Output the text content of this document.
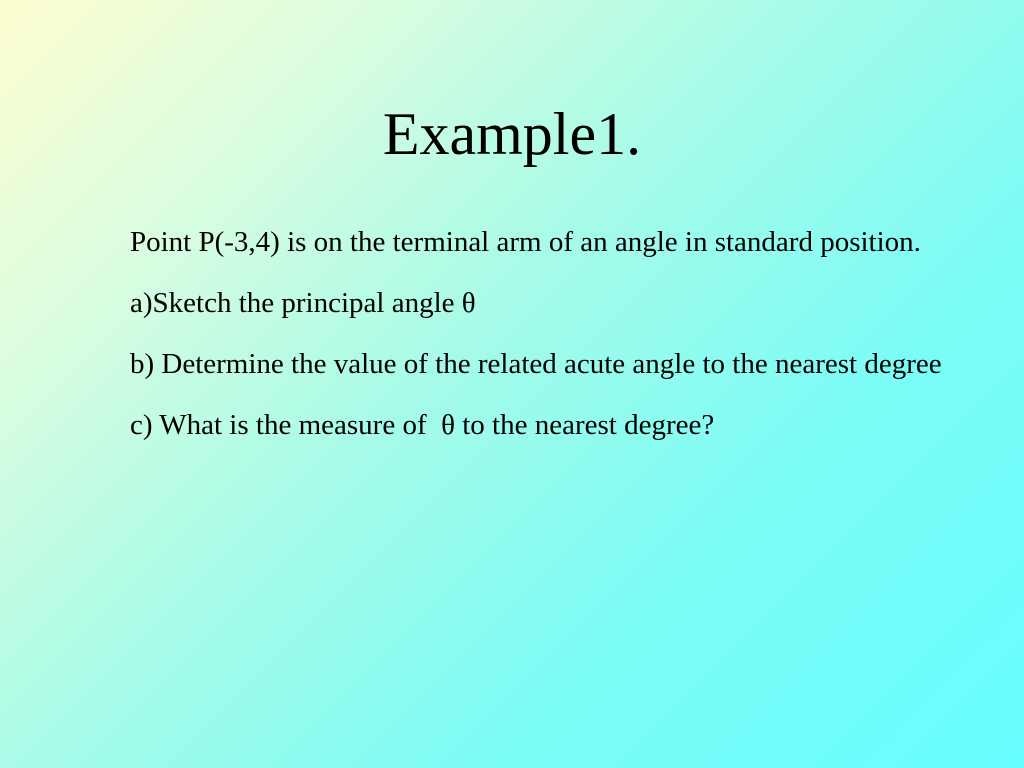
Example1.

Point P(-3,4) is on the terminal arm of an angle in standard position.

a)Sketch the principal angle θ

b) Determine the value of the related acute angle to the nearest degree

c) What is the measure of  θ to the nearest degree?
